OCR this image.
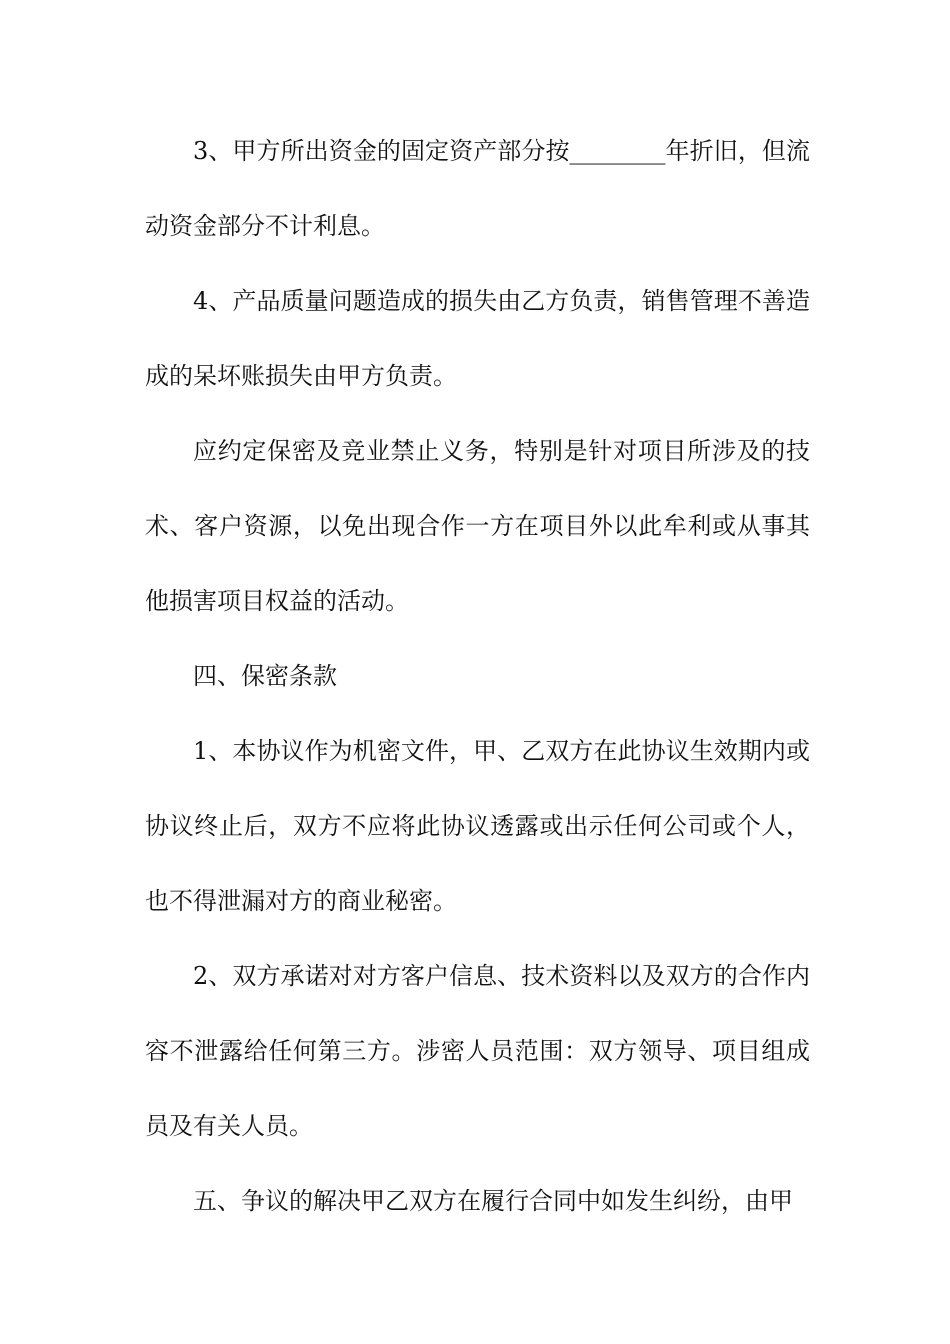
3、甲方所出资金的固定资产部分按________年折旧，但流动资金部分不计利息。

4、产品质量问题造成的损失由乙方负责，销售管理不善造成的呆坏账损失由甲方负责。

应约定保密及竞业禁止义务，特别是针对项目所涉及的技术、客户资源，以免出现合作一方在项目外以此牟利或从事其他损害项目权益的活动。

四、保密条款

1、本协议作为机密文件，甲、乙双方在此协议生效期内或协议终止后，双方不应将此协议透露或出示任何公司或个人，也不得泄漏对方的商业秘密。

2、双方承诺对对方客户信息、技术资料以及双方的合作内容不泄露给任何第三方。涉密人员范围：双方领导、项目组成员及有关人员。

五、争议的解决甲乙双方在履行合同中如发生纠纷，由甲
